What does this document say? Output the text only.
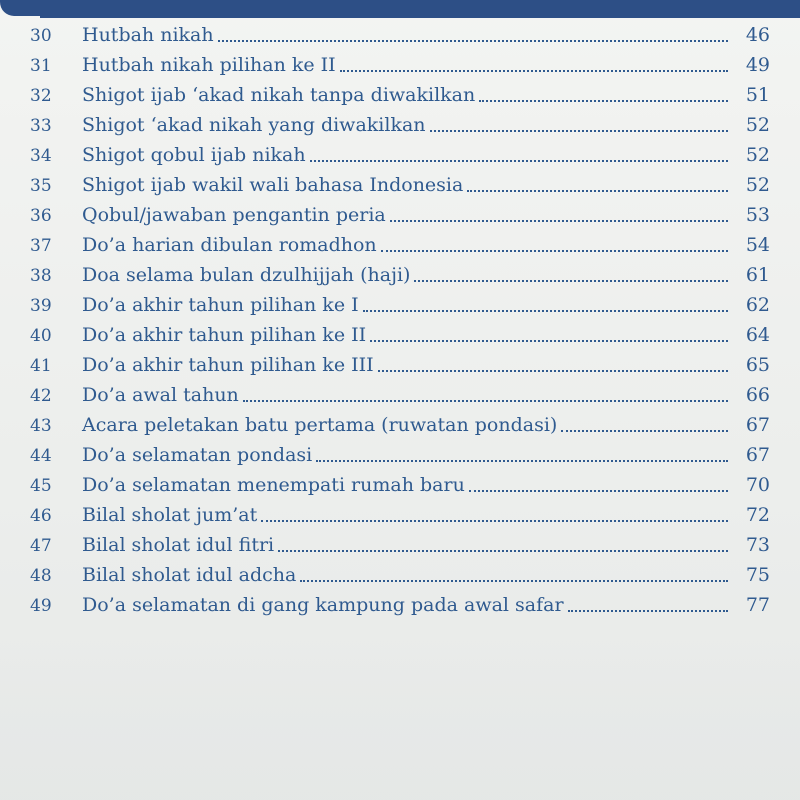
30	Hutbah nikah	46
31	Hutbah nikah pilihan ke II	49
32	Shigot ijab ‘akad nikah tanpa diwakilkan	51
33	Shigot ‘akad nikah yang diwakilkan	52
34	Shigot qobul ijab nikah	52
35	Shigot ijab wakil wali bahasa Indonesia	52
36	Qobul/jawaban pengantin peria	53
37	Do’a harian dibulan romadhon	54
38	Doa selama bulan dzulhijjah (haji)	61
39	Do’a akhir tahun pilihan ke I	62
40	Do’a akhir tahun pilihan ke II	64
41	Do’a akhir tahun pilihan ke III	65
42	Do’a awal tahun	66
43	Acara peletakan batu pertama (ruwatan pondasi)	67
44	Do’a selamatan pondasi	67
45	Do’a selamatan menempati rumah baru	70
46	Bilal sholat jum’at	72
47	Bilal sholat idul fitri	73
48	Bilal sholat idul adcha	75
49	Do’a selamatan di gang kampung pada awal safar	77
